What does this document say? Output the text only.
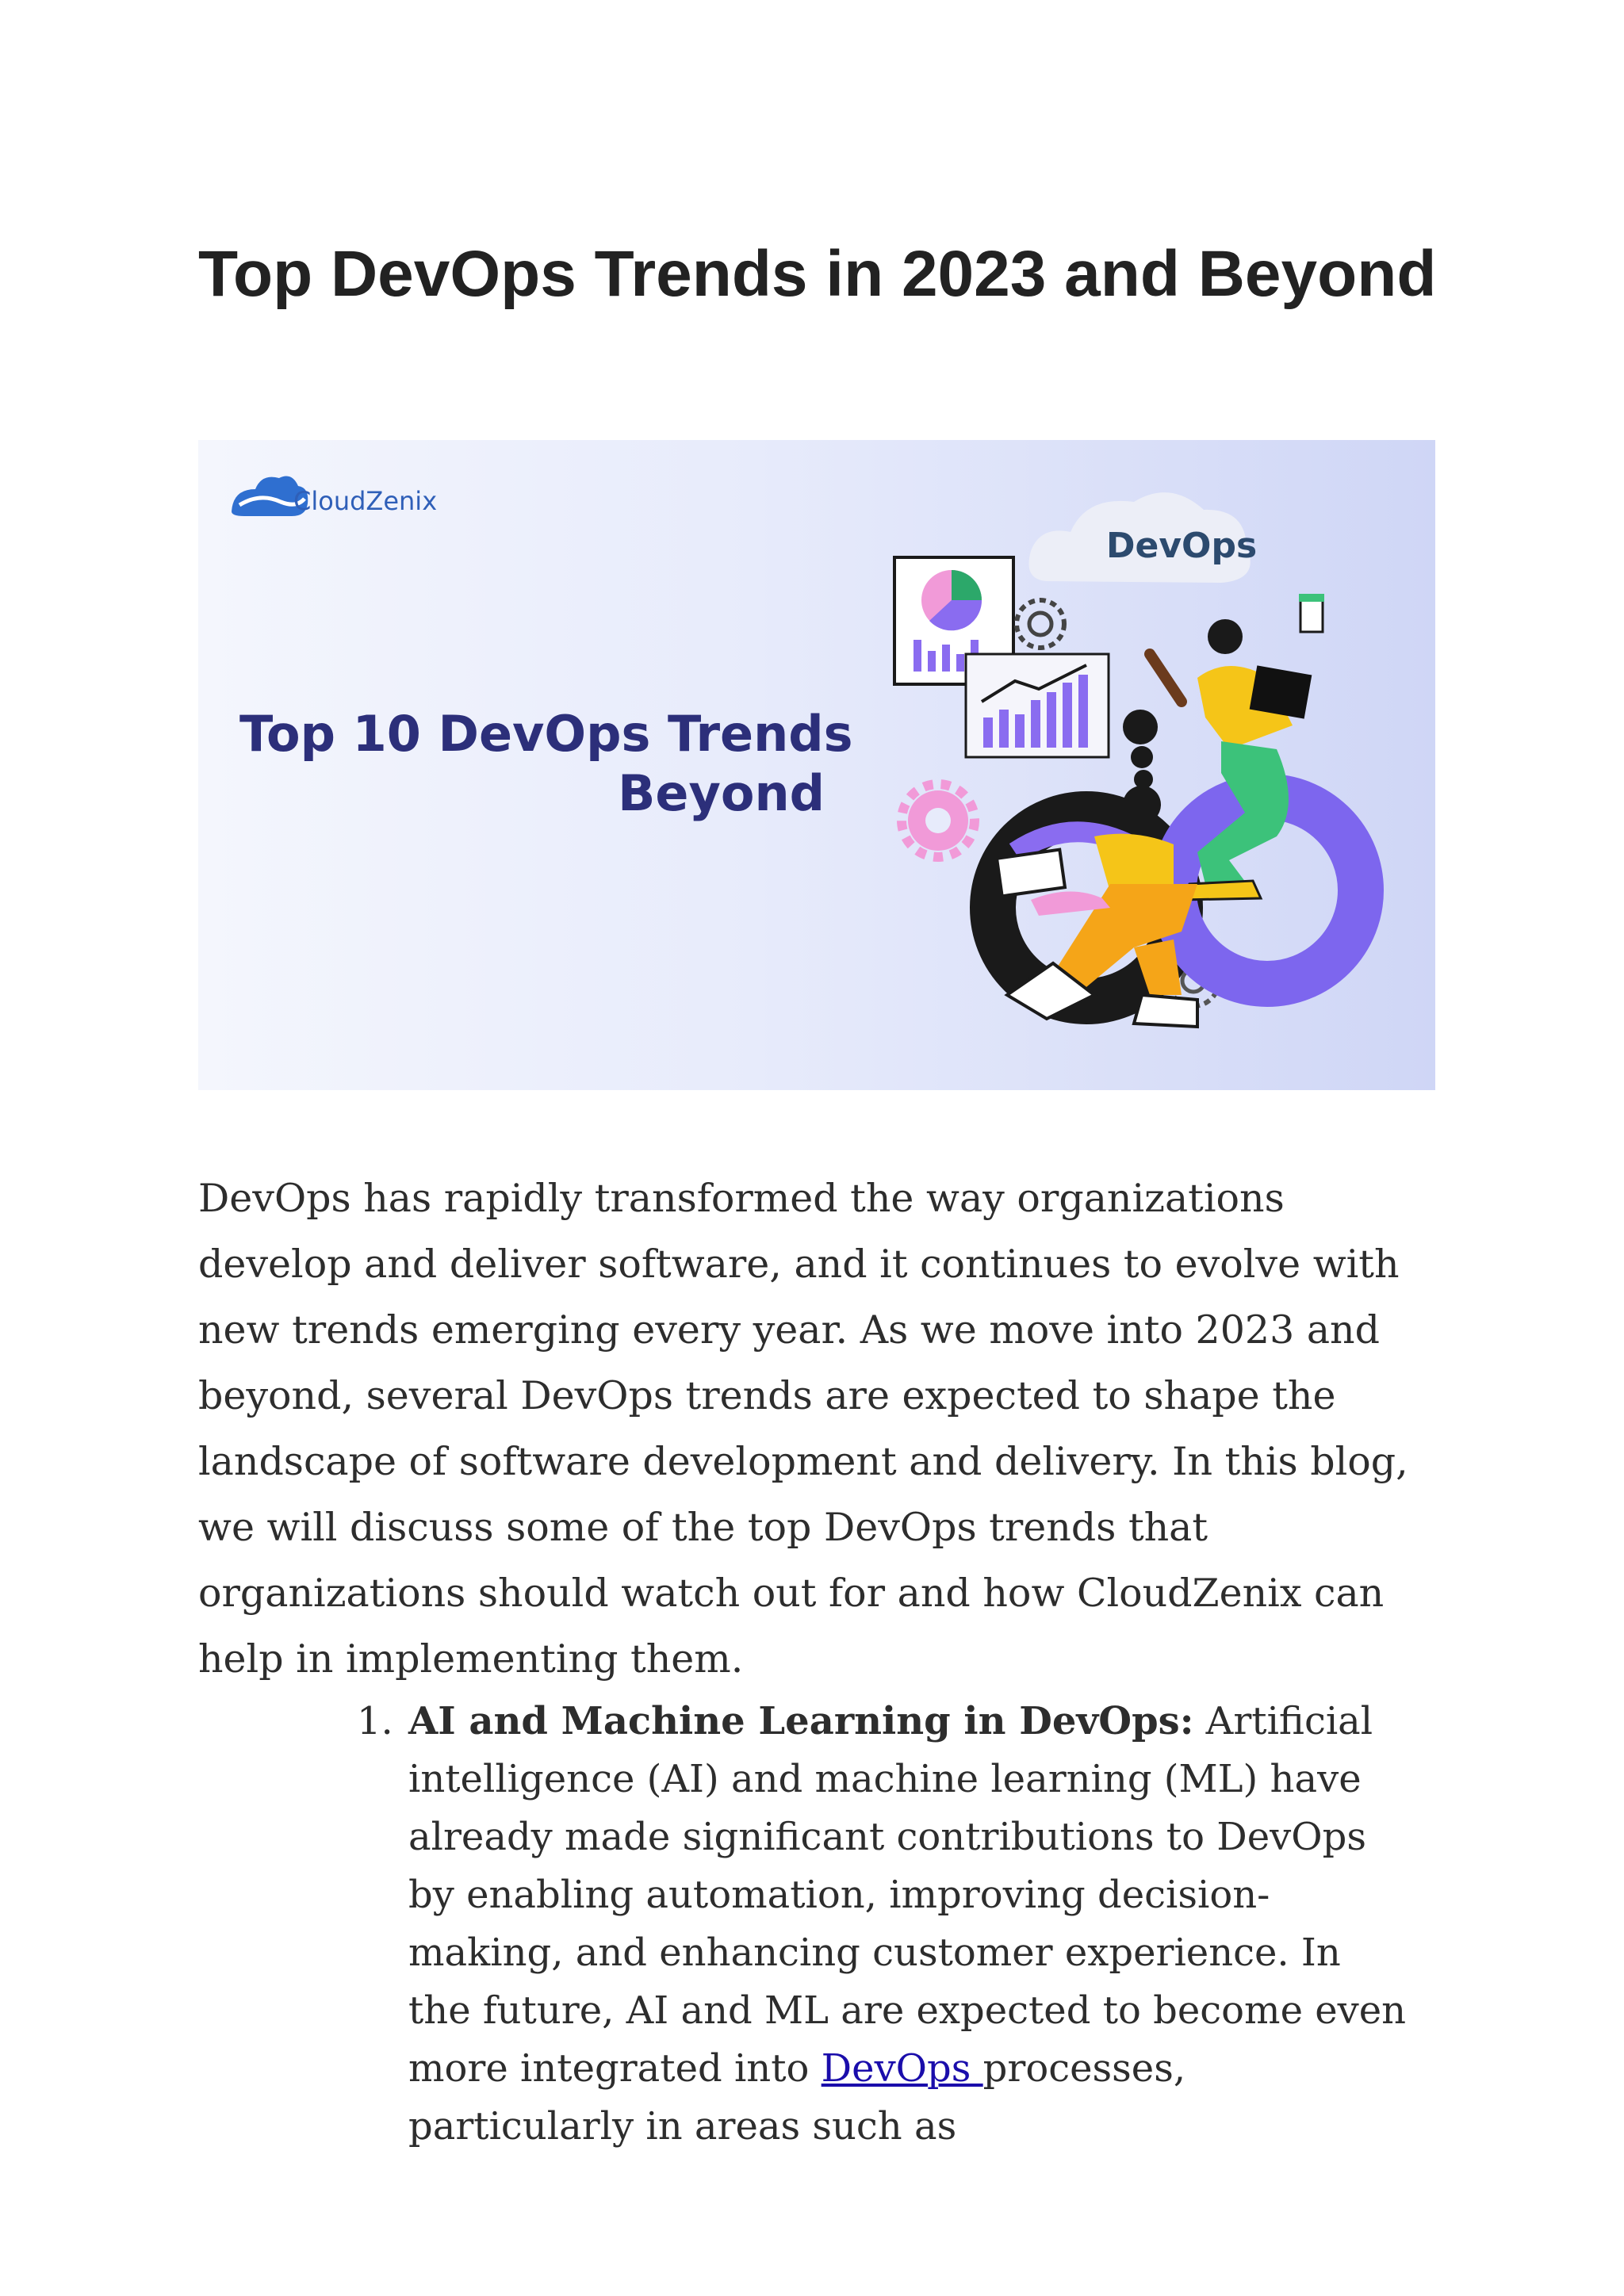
Top DevOps Trends in 2023 and Beyond
CloudZenix
Top 10 DevOps Trends
Beyond
DevOps

DevOps has rapidly transformed the way organizations develop and deliver software, and it continues to evolve with new trends emerging every year. As we move into 2023 and beyond, several DevOps trends are expected to shape the landscape of software development and delivery. In this blog, we will discuss some of the top DevOps trends that organizations should watch out for and how CloudZenix can help in implementing them.

1. AI and Machine Learning in DevOps: Artificial intelligence (AI) and machine learning (ML) have already made significant contributions to DevOps by enabling automation, improving decision-making, and enhancing customer experience. In the future, AI and ML are expected to become even more integrated into DevOps processes, particularly in areas such as
